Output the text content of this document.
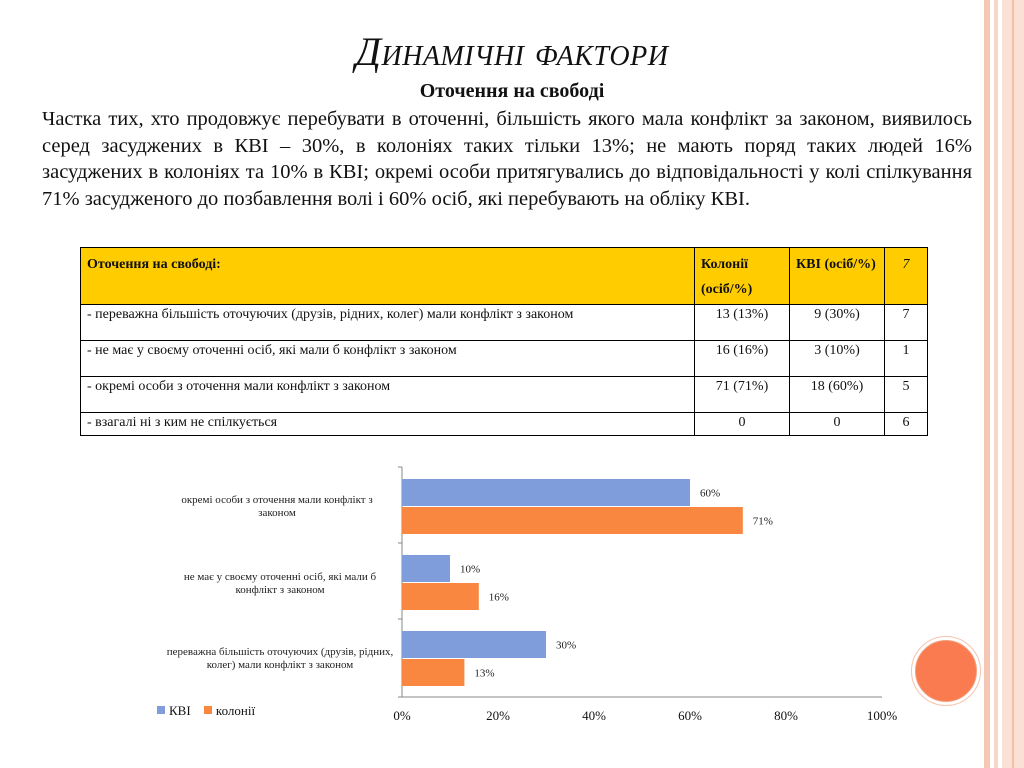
Динамічні фактори
Оточення на свободі
Частка тих, хто продовжує перебувати в оточенні, більшість якого мала конфлікт за законом, виявилось серед засуджених в КВІ – 30%, в колоніях таких тільки 13%; не мають поряд таких людей 16% засуджених в колоніях та 10% в КВІ; окремі особи притягувались до відповідальності у колі спілкування 71% засудженого до позбавлення волі і 60% осіб, які перебувають на обліку КВІ.
Оточення на свободі:	Колонії (осіб/%)	КВІ (осіб/%)	7
- переважна більшість оточуючих (друзів, рідних, колег) мали конфлікт з законом	13 (13%)	9 (30%)	7
- не має у своєму оточенні осіб, які мали б конфлікт з законом	16 (16%)	3 (10%)	1
- окремі особи з оточення мали конфлікт з законом	71 (71%)	18 (60%)	5
- взагалі ні з ким не спілкується	0	0	6
окремі особи з оточення мали конфлікт з законом
не має у своєму оточенні осіб, які мали б конфлікт з законом
переважна більшість оточуючих (друзів, рідних, колег) мали конфлікт з законом
60%
71%
10%
16%
30%
13%
0%	20%	40%	60%	80%	100%
КВІ колонії
